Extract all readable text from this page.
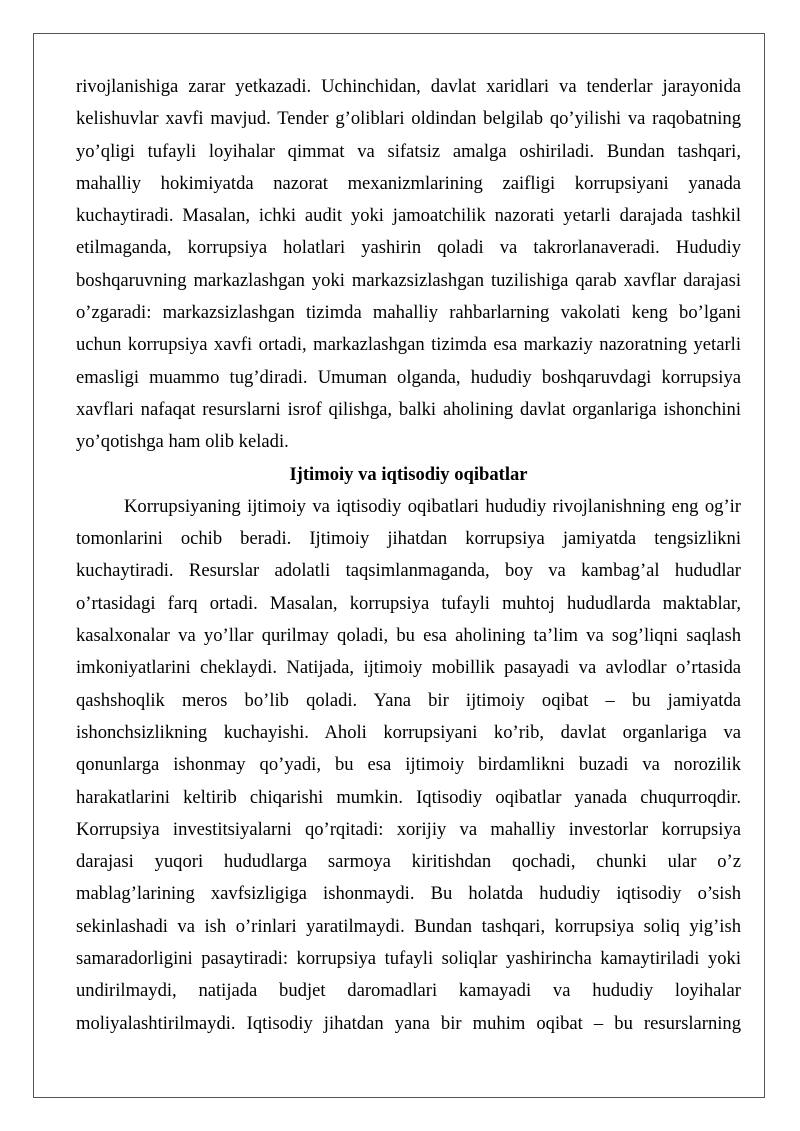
rivojlanishiga zarar yetkazadi. Uchinchidan, davlat xaridlari va tenderlar jarayonida
kelishuvlar xavfi mavjud. Tender g’oliblari oldindan belgilab qo’yilishi va raqobatning
yo’qligi tufayli loyihalar qimmat va sifatsiz amalga oshiriladi. Bundan tashqari,
mahalliy hokimiyatda nazorat mexanizmlarining zaifligi korrupsiyani yanada
kuchaytiradi. Masalan, ichki audit yoki jamoatchilik nazorati yetarli darajada tashkil
etilmaganda, korrupsiya holatlari yashirin qoladi va takrorlanaveradi. Hududiy
boshqaruvning markazlashgan yoki markazsizlashgan tuzilishiga qarab xavflar darajasi
o’zgaradi: markazsizlashgan tizimda mahalliy rahbarlarning vakolati keng bo’lgani
uchun korrupsiya xavfi ortadi, markazlashgan tizimda esa markaziy nazoratning yetarli
emasligi muammo tug’diradi. Umuman olganda, hududiy boshqaruvdagi korrupsiya
xavflari nafaqat resurslarni isrof qilishga, balki aholining davlat organlariga ishonchini
yo’qotishga ham olib keladi.
Ijtimoiy va iqtisodiy oqibatlar
Korrupsiyaning ijtimoiy va iqtisodiy oqibatlari hududiy rivojlanishning eng og’ir
tomonlarini ochib beradi. Ijtimoiy jihatdan korrupsiya jamiyatda tengsizlikni
kuchaytiradi. Resurslar adolatli taqsimlanmaganda, boy va kambag’al hududlar
o’rtasidagi farq ortadi. Masalan, korrupsiya tufayli muhtoj hududlarda maktablar,
kasalxonalar va yo’llar qurilmay qoladi, bu esa aholining ta’lim va sog’liqni saqlash
imkoniyatlarini cheklaydi. Natijada, ijtimoiy mobillik pasayadi va avlodlar o’rtasida
qashshoqlik meros bo’lib qoladi. Yana bir ijtimoiy oqibat – bu jamiyatda
ishonchsizlikning kuchayishi. Aholi korrupsiyani ko’rib, davlat organlariga va
qonunlarga ishonmay qo’yadi, bu esa ijtimoiy birdamlikni buzadi va norozilik
harakatlarini keltirib chiqarishi mumkin. Iqtisodiy oqibatlar yanada chuqurroqdir.
Korrupsiya investitsiyalarni qo’rqitadi: xorijiy va mahalliy investorlar korrupsiya
darajasi yuqori hududlarga sarmoya kiritishdan qochadi, chunki ular o’z
mablag’larining xavfsizligiga ishonmaydi. Bu holatda hududiy iqtisodiy o’sish
sekinlashadi va ish o’rinlari yaratilmaydi. Bundan tashqari, korrupsiya soliq yig’ish
samaradorligini pasaytiradi: korrupsiya tufayli soliqlar yashirincha kamaytiriladi yoki
undirilmaydi, natijada budjet daromadlari kamayadi va hududiy loyihalar
moliyalashtirilmaydi. Iqtisodiy jihatdan yana bir muhim oqibat – bu resurslarning
